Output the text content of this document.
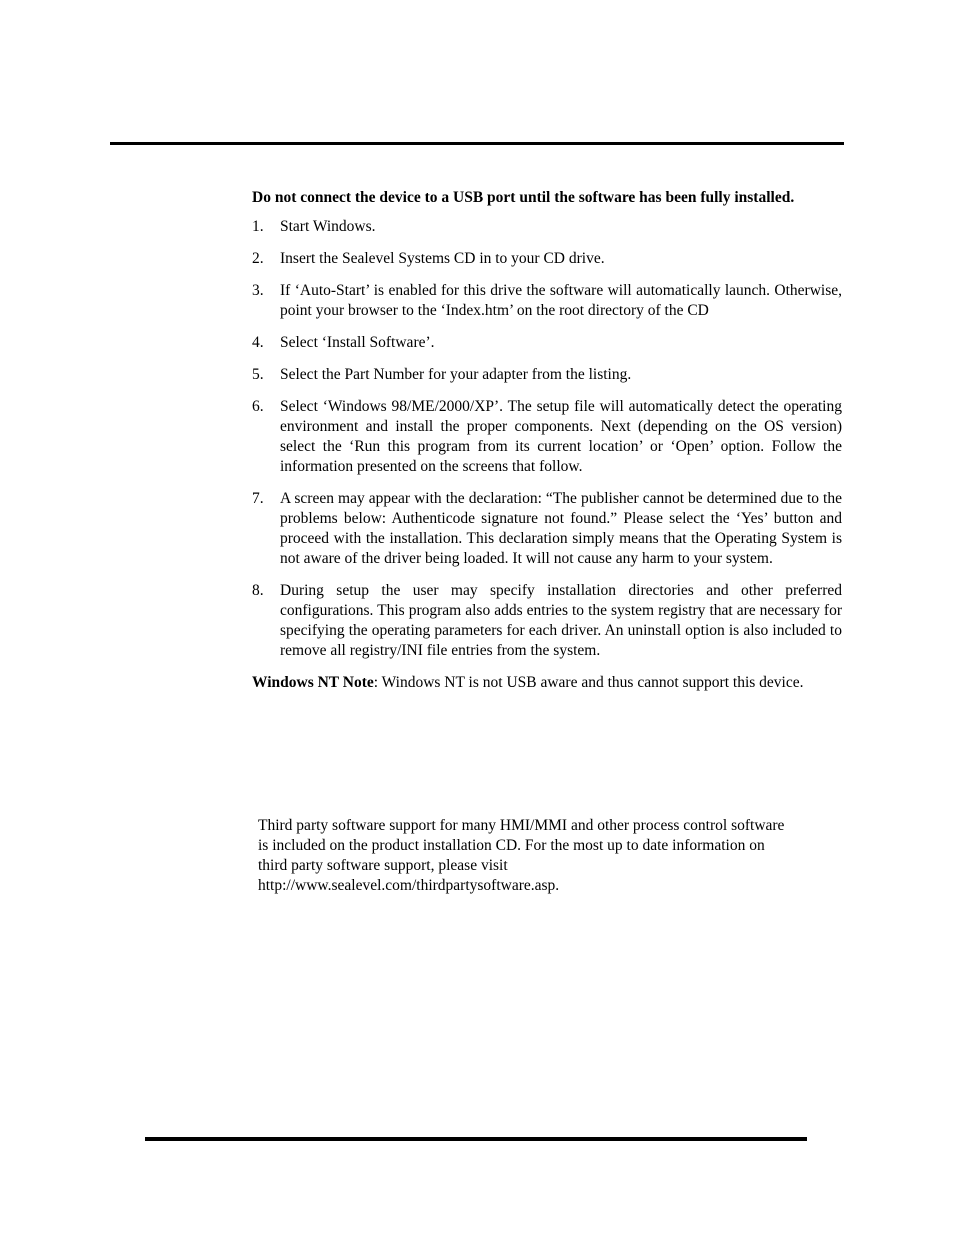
Do not connect the device to a USB port until the software has been fully installed.

1.	Start Windows.
2.	Insert the Sealevel Systems CD in to your CD drive.
3.	If ‘Auto-Start’ is enabled for this drive the software will automatically launch. Otherwise, point your browser to the ‘Index.htm’ on the root directory of the CD
4.	Select ‘Install Software’.
5.	Select the Part Number for your adapter from the listing.
6.	Select ‘Windows 98/ME/2000/XP’. The setup file will automatically detect the operating environment and install the proper components. Next (depending on the OS version) select the ‘Run this program from its current location’ or ‘Open’ option. Follow the information presented on the screens that follow.
7.	A screen may appear with the declaration: “The publisher cannot be determined due to the problems below: Authenticode signature not found.” Please select the ‘Yes’ button and proceed with the installation. This declaration simply means that the Operating System is not aware of the driver being loaded. It will not cause any harm to your system.
8.	During setup the user may specify installation directories and other preferred configurations. This program also adds entries to the system registry that are necessary for specifying the operating parameters for each driver. An uninstall option is also included to remove all registry/INI file entries from the system.

Windows NT Note: Windows NT is not USB aware and thus cannot support this device.

Third party software support for many HMI/MMI and other process control software
is included on the product installation CD. For the most up to date information on
third party software support, please visit
http://www.sealevel.com/thirdpartysoftware.asp.
